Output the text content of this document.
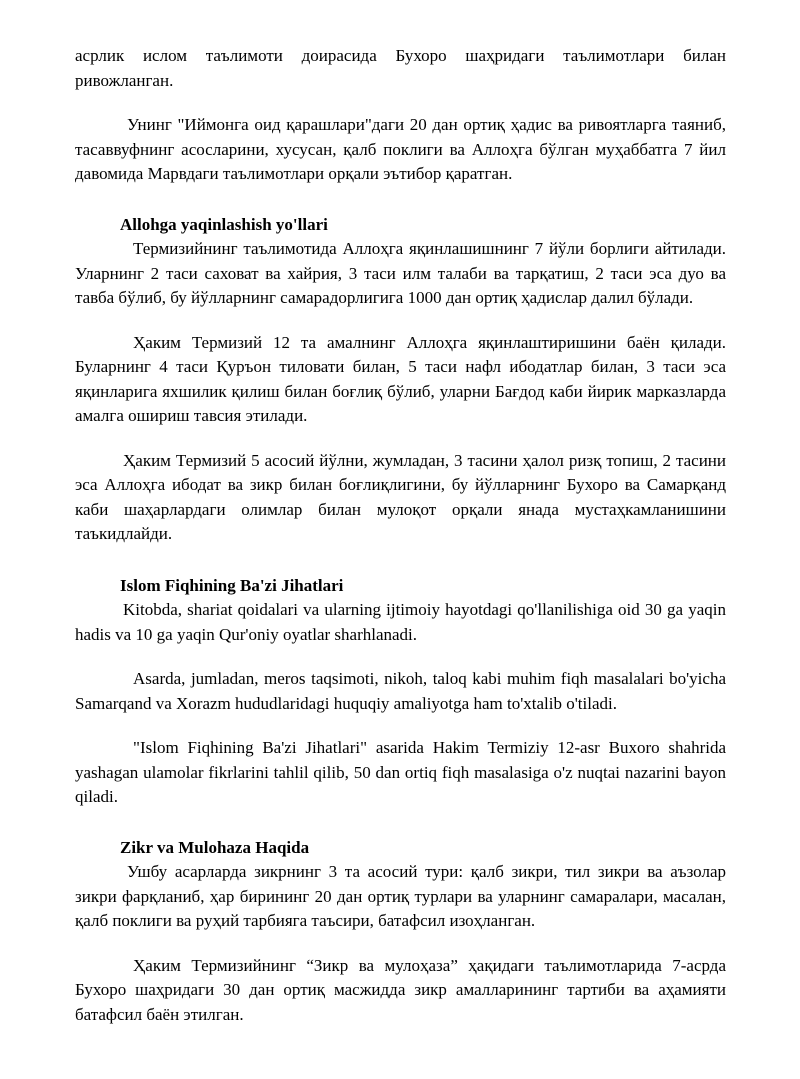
асрлик ислом таълимоти доирасида Бухоро шаҳридаги таълимотлари билан ривожланган.

Унинг "Иймонга оид қарашлари"даги 20 дан ортиқ ҳадис ва ривоятларга таяниб, тасаввуфнинг асосларини, хусусан, қалб поклиги ва Аллоҳга бўлган муҳаббатга 7 йил давомида Марвдаги таълимотлари орқали эътибор қаратган.

Allohga yaqinlashish yo'llari

Термизийнинг таълимотида Аллоҳга яқинлашишнинг 7 йўли борлиги айтилади. Уларнинг 2 таси саховат ва хайрия, 3 таси илм талаби ва тарқатиш, 2 таси эса дуо ва тавба бўлиб, бу йўлларнинг самарадорлигига 1000 дан ортиқ ҳадислар далил бўлади.

Ҳаким Термизий 12 та амалнинг Аллоҳга яқинлаштиришини баён қилади. Буларнинг 4 таси Қуръон тиловати билан, 5 таси нафл ибодатлар билан, 3 таси эса яқинларига яхшилик қилиш билан боғлиқ бўлиб, уларни Бағдод каби йирик марказларда амалга ошириш тавсия этилади.

Ҳаким Термизий 5 асосий йўлни, жумладан, 3 тасини ҳалол ризқ топиш, 2 тасини эса Аллоҳга ибодат ва зикр билан боғлиқлигини, бу йўлларнинг Бухоро ва Самарқанд каби шаҳарлардаги олимлар билан мулоқот орқали янада мустаҳкамланишини таъкидлайди.

Islom Fiqhining Ba'zi Jihatlari

Kitobda, shariat qoidalari va ularning ijtimoiy hayotdagi qo'llanilishiga oid 30 ga yaqin hadis va 10 ga yaqin Qur'oniy oyatlar sharhlanadi.

Asarda, jumladan, meros taqsimoti, nikoh, taloq kabi muhim fiqh masalalari bo'yicha Samarqand va Xorazm hududlaridagi huquqiy amaliyotga ham to'xtalib o'tiladi.

"Islom Fiqhining Ba'zi Jihatlari" asarida Hakim Termiziy 12-asr Buxoro shahrida yashagan ulamolar fikrlarini tahlil qilib, 50 dan ortiq fiqh masalasiga o'z nuqtai nazarini bayon qiladi.

Zikr va Mulohaza Haqida

Ушбу асарларда зикрнинг 3 та асосий тури: қалб зикри, тил зикри ва аъзолар зикри фарқланиб, ҳар бирининг 20 дан ортиқ турлари ва уларнинг самаралари, масалан, қалб поклиги ва руҳий тарбияга таъсири, батафсил изоҳланган.

Ҳаким Термизийнинг “Зикр ва мулоҳаза” ҳақидаги таълимотларида 7-асрда Бухоро шаҳридаги 30 дан ортиқ масжидда зикр амалларининг тартиби ва аҳамияти батафсил баён этилган.
